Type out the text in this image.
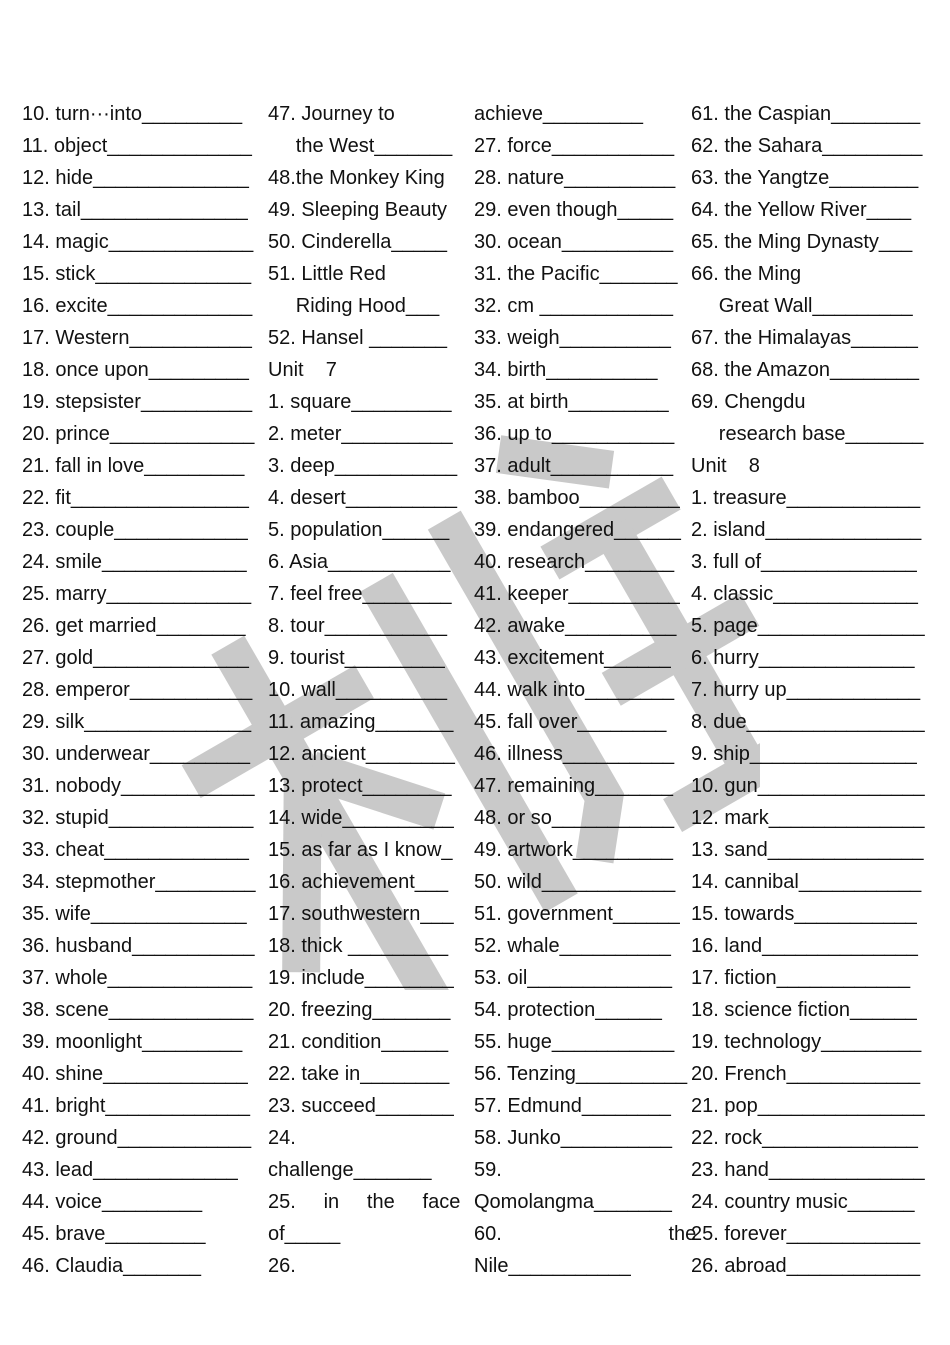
10. turn···into_________
11. object_____________
12. hide______________
13. tail_______________
14. magic_____________
15. stick______________
16. excite_____________
17. Western___________
18. once upon_________
19. stepsister__________
20. prince_____________
21. fall in love_________
22. fit________________
23. couple____________
24. smile_____________
25. marry_____________
26. get married________
27. gold______________
28. emperor___________
29. silk_______________
30. underwear_________
31. nobody____________
32. stupid_____________
33. cheat_____________
34. stepmother_________
35. wife______________
36. husband___________
37. whole_____________
38. scene_____________
39. moonlight_________
40. shine_____________
41. bright_____________
42. ground____________
43. lead_____________
44. voice_________
45. brave_________
46. Claudia_______
47. Journey to
the West_______
48.the Monkey King
49. Sleeping Beauty
50. Cinderella_____
51. Little Red
Riding Hood___
52. Hansel _______
Unit    7
1. square_________
2. meter__________
3. deep___________
4. desert__________
5. population______
6. Asia___________
7. feel free________
8. tour___________
9. tourist_________
10. wall__________
11. amazing_______
12. ancient________
13. protect________
14. wide__________
15. as far as I know_
16. achievement___
17. southwestern___
18. thick _________
19. include________
20. freezing_______
21. condition______
22. take in________
23. succeed_______
24.
challenge_______
25.     in     the     face
of_____
26.
achieve_________
27. force___________
28. nature__________
29. even though_____
30. ocean__________
31. the Pacific_______
32. cm ____________
33. weigh__________
34. birth__________
35. at birth_________
36. up to___________
37. adult___________
38. bamboo_________
39. endangered______
40. research________
41. keeper__________
42. awake__________
43. excitement______
44. walk into________
45. fall over________
46. illness__________
47. remaining_______
48. or so___________
49. artwork_________
50. wild____________
51. government______
52. whale__________
53. oil_____________
54. protection______
55. huge___________
56. Tenzing__________
57. Edmund________
58. Junko__________
59.
Qomolangma_______
60.                              the
Nile___________
61. the Caspian________
62. the Sahara_________
63. the Yangtze________
64. the Yellow River____
65. the Ming Dynasty___
66. the Ming
Great Wall_________
67. the Himalayas______
68. the Amazon________
69. Chengdu
research base_______
Unit    8
1. treasure____________
2. island______________
3. full of______________
4. classic_____________
5. page_______________
6. hurry______________
7. hurry up____________
8. due________________
9. ship_______________
10. gun_______________
12. mark______________
13. sand______________
14. cannibal___________
15. towards___________
16. land______________
17. fiction____________
18. science fiction______
19. technology_________
20. French____________
21. pop_______________
22. rock______________
23. hand______________
24. country music______
25. forever____________
26. abroad____________
